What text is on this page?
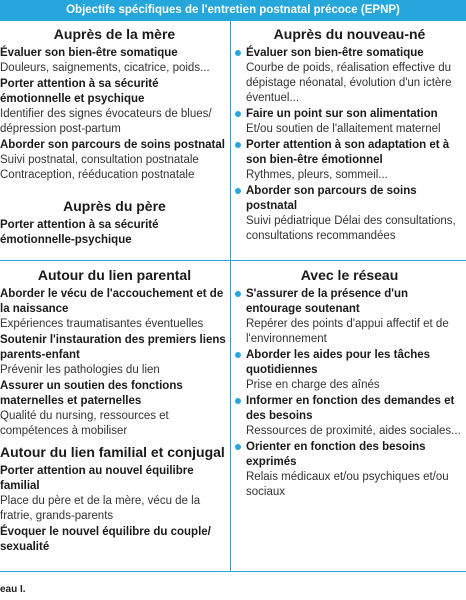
Objectifs spécifiques de l'entretien postnatal précoce (EPNP)
Auprès de la mère
Évaluer son bien-être somatique
Douleurs, saignements, cicatrice, poids...
Porter attention à sa sécurité émotionnelle et psychique
Identifier des signes évocateurs de blues/ dépression post-partum
Aborder son parcours de soins postnatal
Suivi postnatal, consultation postnatale Contraception, rééducation postnatale
Auprès du père
Porter attention à sa sécurité émotionnelle-psychique
Auprès du nouveau-né
Évaluer son bien-être somatique
Courbe de poids, réalisation effective du dépistage néonatal, évolution d'un ictère éventuel...
Faire un point sur son alimentation
Et/ou soutien de l'allaitement maternel
Porter attention à son adaptation et à son bien-être émotionnel
Rythmes, pleurs, sommeil...
Aborder son parcours de soins postnatal
Suivi pédiatrique Délai des consultations, consultations recommandées
Autour du lien parental
Aborder le vécu de l'accouchement et de la naissance
Expériences traumatisantes éventuelles
Soutenir l'instauration des premiers liens parents-enfant
Prévenir les pathologies du lien
Assurer un soutien des fonctions maternelles et paternelles
Qualité du nursing, ressources et compétences à mobiliser
Autour du lien familial et conjugal
Porter attention au nouvel équilibre familial
Place du père et de la mère, vécu de la fratrie, grands-parents
Évoquer le nouvel équilibre du couple/ sexualité
Avec le réseau
S'assurer de la présence d'un entourage soutenant
Repérer des points d'appui affectif et de l'environnement
Aborder les aides pour les tâches quotidiennes
Prise en charge des aînés
Informer en fonction des demandes et des besoins
Ressources de proximité, aides sociales...
Orienter en fonction des besoins exprimés
Relais médicaux et/ou psychiques et/ou sociaux
eau I.
